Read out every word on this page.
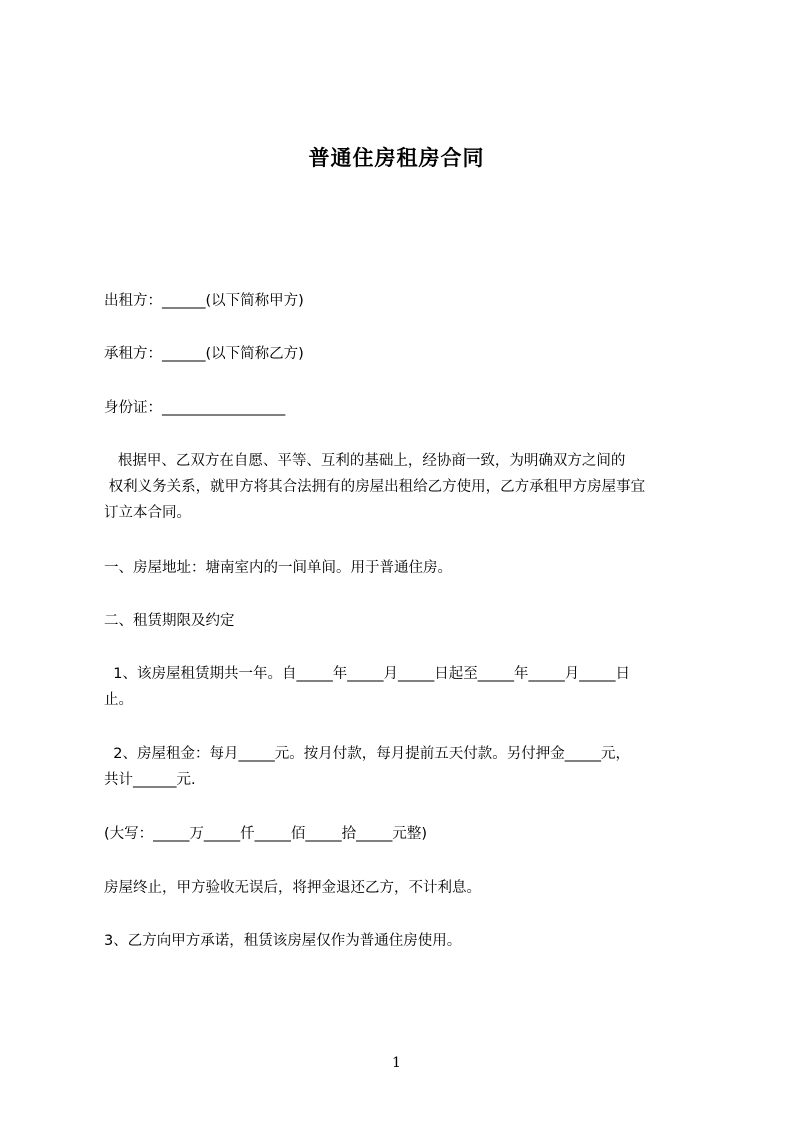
普通住房租房合同

出租方：______(以下简称甲方)

承租方：______(以下简称乙方)

身份证：_________________

根据甲、乙双方在自愿、平等、互利的基础上，经协商一致，为明确双方之间的
权利义务关系，就甲方将其合法拥有的房屋出租给乙方使用，乙方承租甲方房屋事宜
订立本合同。

一、房屋地址：塘南室内的一间单间。用于普通住房。

二、租赁期限及约定

1、该房屋租赁期共一年。自_____年_____月_____日起至_____年_____月_____日
止。
2、房屋租金：每月_____元。按月付款，每月提前五天付款。另付押金_____元，
共计______元.

(大写：_____万_____仟_____佰_____拾_____元整)

房屋终止，甲方验收无误后，将押金退还乙方，不计利息。

3、乙方向甲方承诺，租赁该房屋仅作为普通住房使用。

1
